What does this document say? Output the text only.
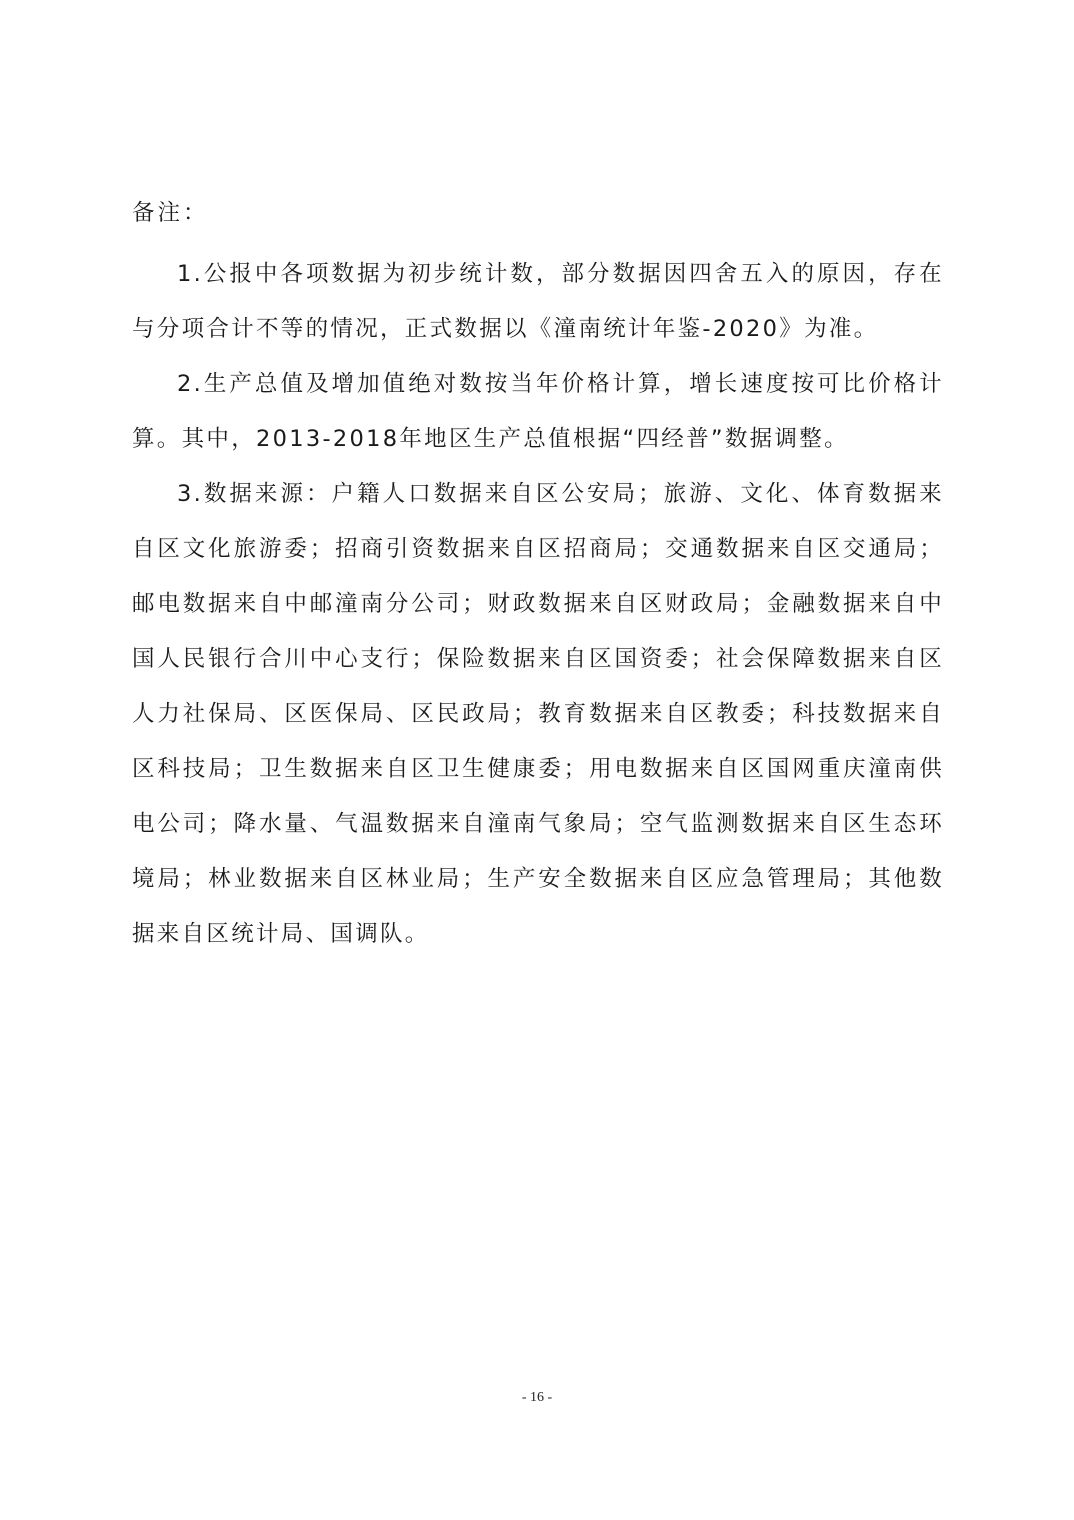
备注：

1.公报中各项数据为初步统计数，部分数据因四舍五入的原因，存在与分项合计不等的情况，正式数据以《潼南统计年鉴-2020》为准。

2.生产总值及增加值绝对数按当年价格计算，增长速度按可比价格计算。其中，2013-2018年地区生产总值根据“四经普”数据调整。

3.数据来源：户籍人口数据来自区公安局；旅游、文化、体育数据来自区文化旅游委；招商引资数据来自区招商局；交通数据来自区交通局；邮电数据来自中邮潼南分公司；财政数据来自区财政局；金融数据来自中国人民银行合川中心支行；保险数据来自区国资委；社会保障数据来自区人力社保局、区医保局、区民政局；教育数据来自区教委；科技数据来自区科技局；卫生数据来自区卫生健康委；用电数据来自区国网重庆潼南供电公司；降水量、气温数据来自潼南气象局；空气监测数据来自区生态环境局；林业数据来自区林业局；生产安全数据来自区应急管理局；其他数据来自区统计局、国调队。

- 16 -
